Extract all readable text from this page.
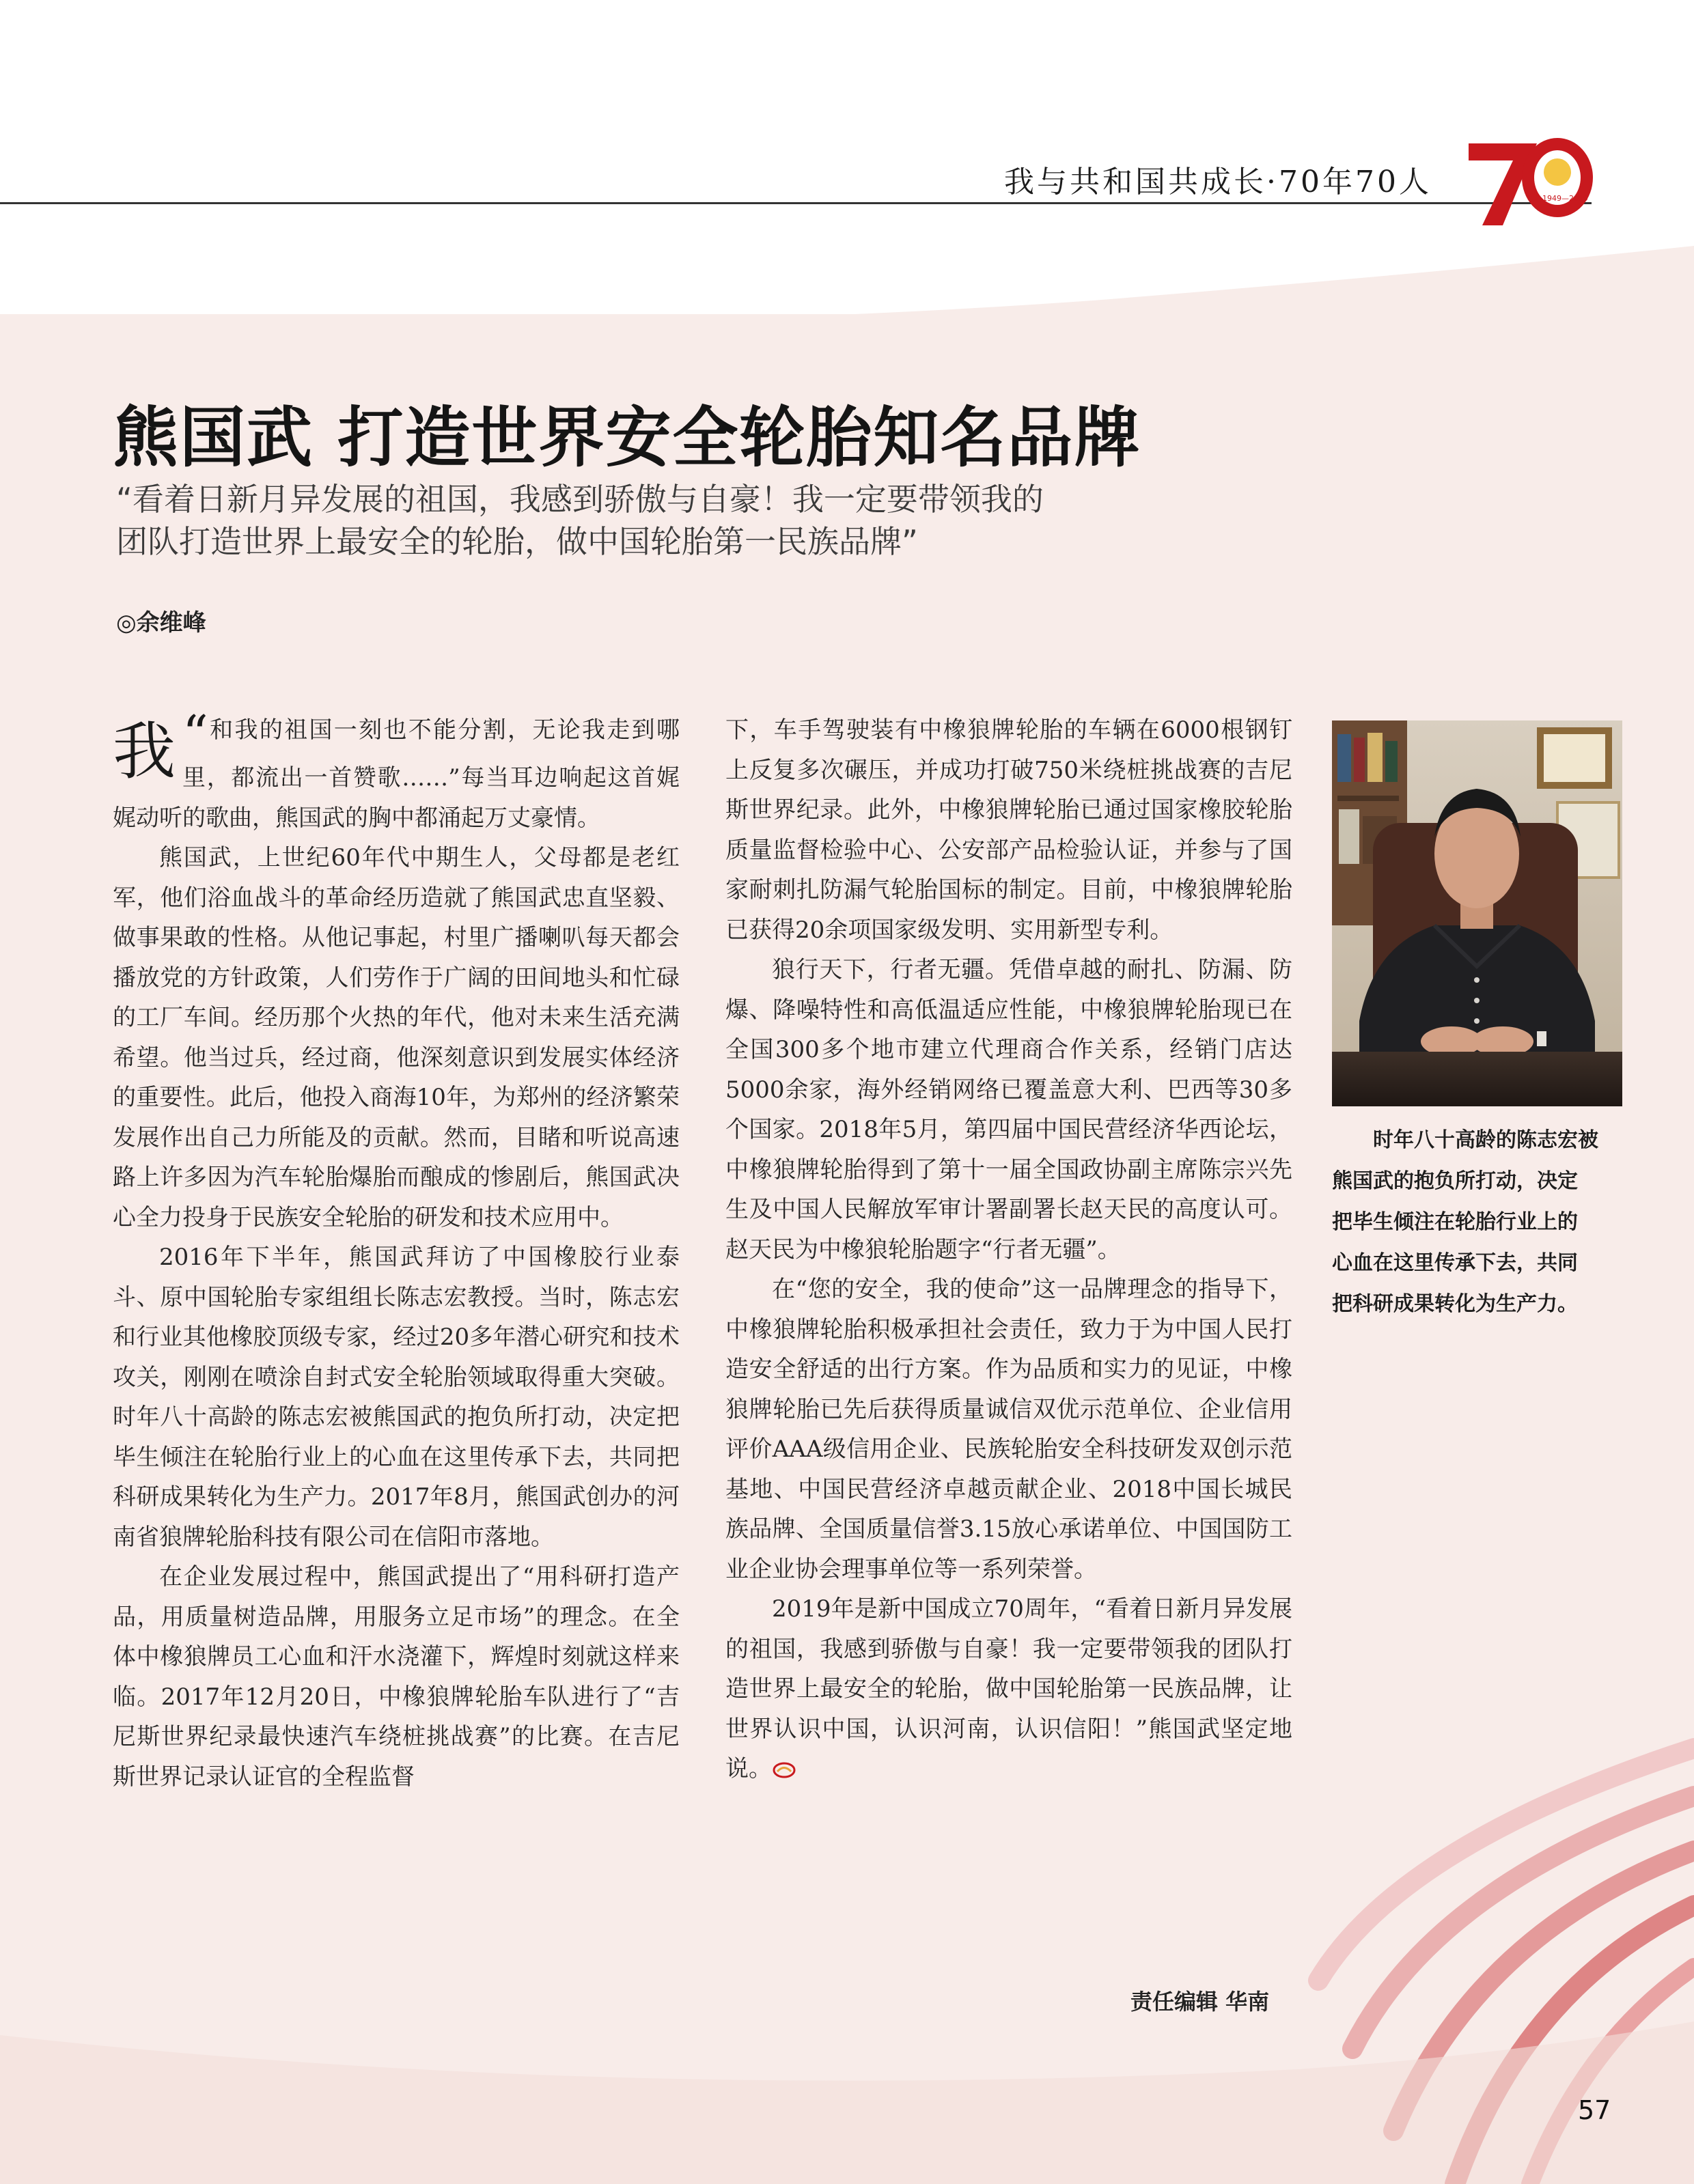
我与共和国共成长·70年70人	1949—2019
熊国武 打造世界安全轮胎知名品牌
“看着日新月异发展的祖国，我感到骄傲与自豪！我一定要带领我的
团队打造世界上最安全的轮胎，做中国轮胎第一民族品牌”
◎余维峰

“
我 和我的祖国一刻也不能分割，无论我走到哪里，都流出一首赞歌……”每当耳边响起这首娓娓动听的歌曲，熊国武的胸中都涌起万丈豪情。

熊国武，上世纪60年代中期生人，父母都是老红军，他们浴血战斗的革命经历造就了熊国武忠直坚毅、做事果敢的性格。从他记事起，村里广播喇叭每天都会播放党的方针政策，人们劳作于广阔的田间地头和忙碌的工厂车间。经历那个火热的年代，他对未来生活充满希望。他当过兵，经过商，他深刻意识到发展实体经济的重要性。此后，他投入商海10年，为郑州的经济繁荣发展作出自己力所能及的贡献。然而，目睹和听说高速路上许多因为汽车轮胎爆胎而酿成的惨剧后，熊国武决心全力投身于民族安全轮胎的研发和技术应用中。

2016年下半年，熊国武拜访了中国橡胶行业泰斗、原中国轮胎专家组组长陈志宏教授。当时，陈志宏和行业其他橡胶顶级专家，经过20多年潜心研究和技术攻关，刚刚在喷涂自封式安全轮胎领域取得重大突破。时年八十高龄的陈志宏被熊国武的抱负所打动，决定把毕生倾注在轮胎行业上的心血在这里传承下去，共同把科研成果转化为生产力。2017年8月，熊国武创办的河南省狼牌轮胎科技有限公司在信阳市落地。

在企业发展过程中，熊国武提出了“用科研打造产品，用质量树造品牌，用服务立足市场”的理念。在全体中橡狼牌员工心血和汗水浇灌下，辉煌时刻就这样来临。2017年12月20日，中橡狼牌轮胎车队进行了“吉尼斯世界纪录最快速汽车绕桩挑战赛”的比赛。在吉尼斯世界记录认证官的全程监督

下，车手驾驶装有中橡狼牌轮胎的车辆在6000根钢钉上反复多次碾压，并成功打破750米绕桩挑战赛的吉尼斯世界纪录。此外，中橡狼牌轮胎已通过国家橡胶轮胎质量监督检验中心、公安部产品检验认证，并参与了国家耐刺扎防漏气轮胎国标的制定。目前，中橡狼牌轮胎已获得20余项国家级发明、实用新型专利。

狼行天下，行者无疆。凭借卓越的耐扎、防漏、防爆、降噪特性和高低温适应性能，中橡狼牌轮胎现已在全国300多个地市建立代理商合作关系，经销门店达5000余家，海外经销网络已覆盖意大利、巴西等30多个国家。2018年5月，第四届中国民营经济华西论坛，中橡狼牌轮胎得到了第十一届全国政协副主席陈宗兴先生及中国人民解放军审计署副署长赵天民的高度认可。赵天民为中橡狼轮胎题字“行者无疆”。

在“您的安全，我的使命”这一品牌理念的指导下，中橡狼牌轮胎积极承担社会责任，致力于为中国人民打造安全舒适的出行方案。作为品质和实力的见证，中橡狼牌轮胎已先后获得质量诚信双优示范单位、企业信用评价AAA级信用企业、民族轮胎安全科技研发双创示范基地、中国民营经济卓越贡献企业、2018中国长城民族品牌、全国质量信誉3.15放心承诺单位、中国国防工业企业协会理事单位等一系列荣誉。

2019年是新中国成立70周年，“看着日新月异发展的祖国，我感到骄傲与自豪！我一定要带领我的团队打造世界上最安全的轮胎，做中国轮胎第一民族品牌，让世界认识中国，认识河南，认识信阳！”熊国武坚定地说。

时年八十高龄的陈志宏被
熊国武的抱负所打动，决定
把毕生倾注在轮胎行业上的
心血在这里传承下去，共同
把科研成果转化为生产力。
责任编辑 华南
57
